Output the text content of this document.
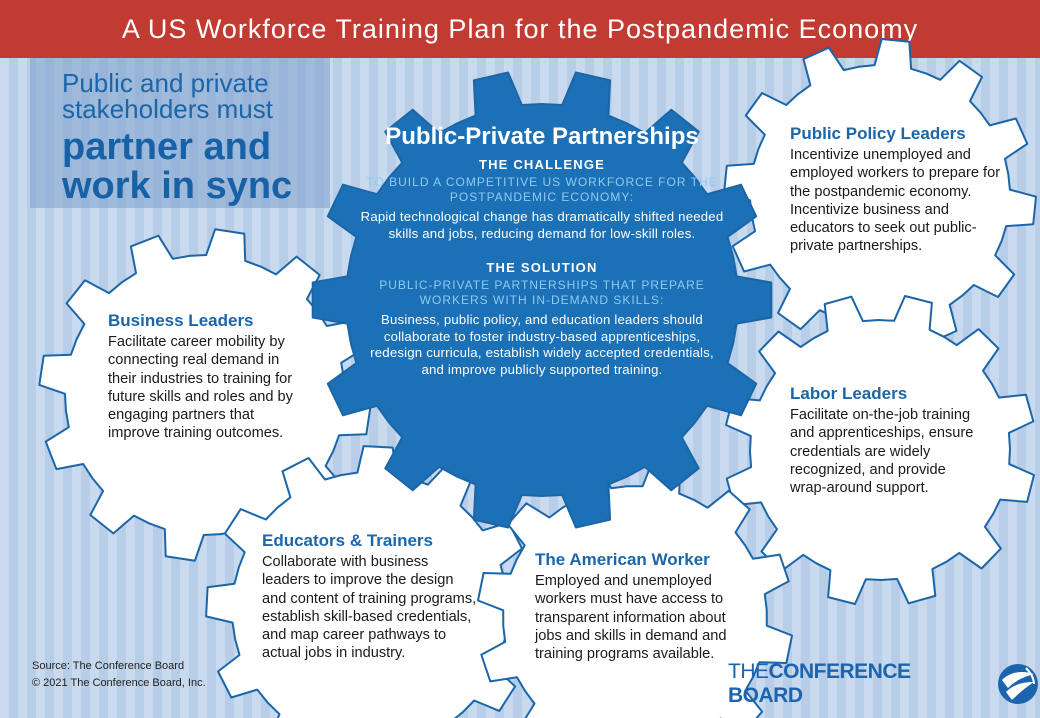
A US Workforce Training Plan for the Postpandemic Economy
Public and private stakeholders must
partner and work in sync
Public-Private Partnerships
THE CHALLENGE
TO BUILD A COMPETITIVE US WORKFORCE FOR THE POSTPANDEMIC ECONOMY:
Rapid technological change has dramatically shifted needed skills and jobs, reducing demand for low-skill roles.
THE SOLUTION
PUBLIC-PRIVATE PARTNERSHIPS THAT PREPARE WORKERS WITH IN-DEMAND SKILLS:
Business, public policy, and education leaders should collaborate to foster industry-based apprenticeships, redesign curricula, establish widely accepted credentials, and improve publicly supported training.
Public Policy Leaders

Incentivize unemployed and employed workers to prepare for the postpandemic economy. Incentivize business and educators to seek out public-private partnerships.

Business Leaders

Facilitate career mobility by connecting real demand in their industries to training for future skills and roles and by engaging partners that improve training outcomes.

Labor Leaders

Facilitate on-the-job training and apprenticeships, ensure credentials are widely recognized, and provide wrap-around support.

Educators & Trainers

Collaborate with business leaders to improve the design and content of training programs, establish skill-based credentials, and map career pathways to actual jobs in industry.

The American Worker

Employed and unemployed workers must have access to transparent information about jobs and skills in demand and training programs available.

Source: The Conference Board
© 2021 The Conference Board, Inc.	THECONFERENCE BOARD
